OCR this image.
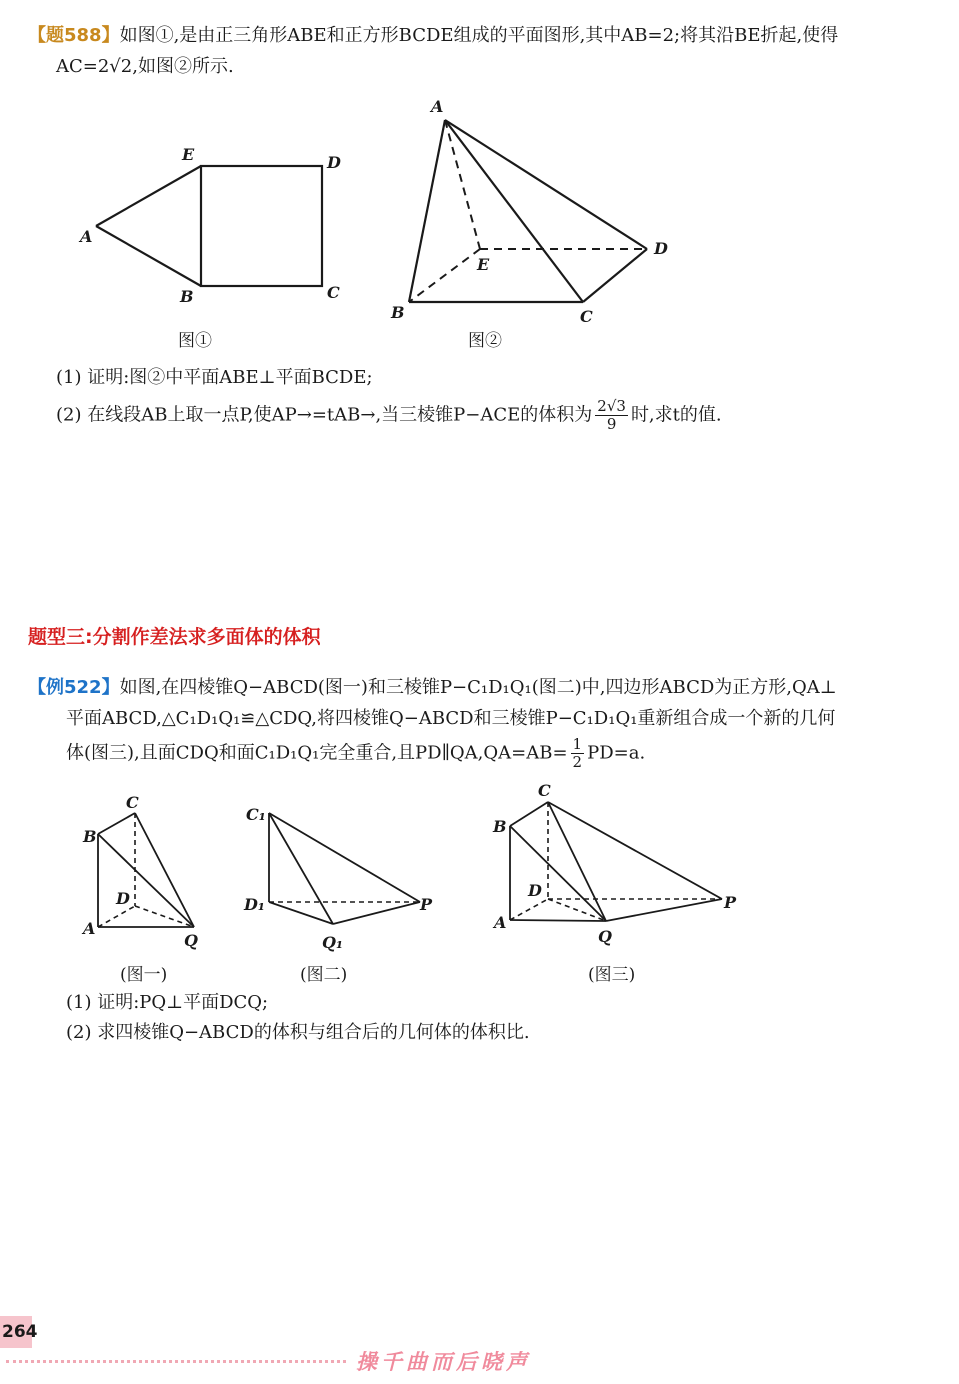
【题588】如图①,是由正三角形ABE和正方形BCDE组成的平面图形,其中AB=2;将其沿BE折起,使得
AC=2√2,如图②所示.
A
E	D
C
B
图①
A
E
D
B	C
图②
(1) 证明:图②中平面ABE⊥平面BCDE;
(2) 在线段AB上取一点P,使AP→=tAB→,当三棱锥P−ACE的体积为 $\frac{2√3}{9}$ 时,求t的值.
题型三:分割作差法求多面体的体积
【例522】如图,在四棱锥Q−ABCD(图一)和三棱锥P−C₁D₁Q₁(图二)中,四边形ABCD为正方形,QA⊥
平面ABCD,△C₁D₁Q₁≌△CDQ,将四棱锥Q−ABCD和三棱锥P−C₁D₁Q₁重新组合成一个新的几何
体(图三),且面CDQ和面C₁D₁Q₁完全重合,且PD∥QA,QA=AB= $\frac{1}{2} PD=a$.
C
B
D
A
Q
(图一)
C₁
D₁	P
Q₁
(图二)
C
B
D
A
Q
P
(图三)
(1) 证明:PQ⊥平面DCQ;
(2) 求四棱锥Q−ABCD的体积与组合后的几何体的体积比.
264
操千曲而后晓声
